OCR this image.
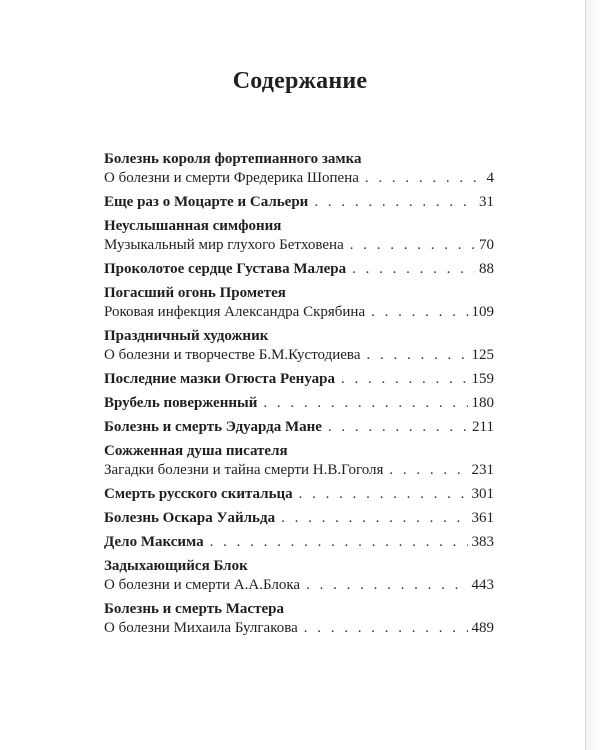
Содержание
Болезнь короля фортепианного замка
О болезни и смерти Фредерика Шопена . . .	4
Еще раз о Моцарте и Сальери . . .	31
Неуслышанная симфония
Музыкальный мир глухого Бетховена . . .	70
Проколотое сердце Густава Малера . . .	88
Погасший огонь Прометея
Роковая инфекция Александра Скрябина . . .	109
Праздничный художник
О болезни и творчестве Б.М.Кустодиева . . .	125
Последние мазки Огюста Ренуара . . .	159
Врубель поверженный . . .	180
Болезнь и смерть Эдуарда Мане . . .	211
Сожженная душа писателя
Загадки болезни и тайна смерти Н.В.Гоголя . . .	231
Смерть русского скитальца . . .	301
Болезнь Оскара Уайльда . . .	361
Дело Максима . . .	383
Задыхающийся Блок
О болезни и смерти А.А.Блока . . .	443
Болезнь и смерть Мастера
О болезни Михаила Булгакова . . .	489
